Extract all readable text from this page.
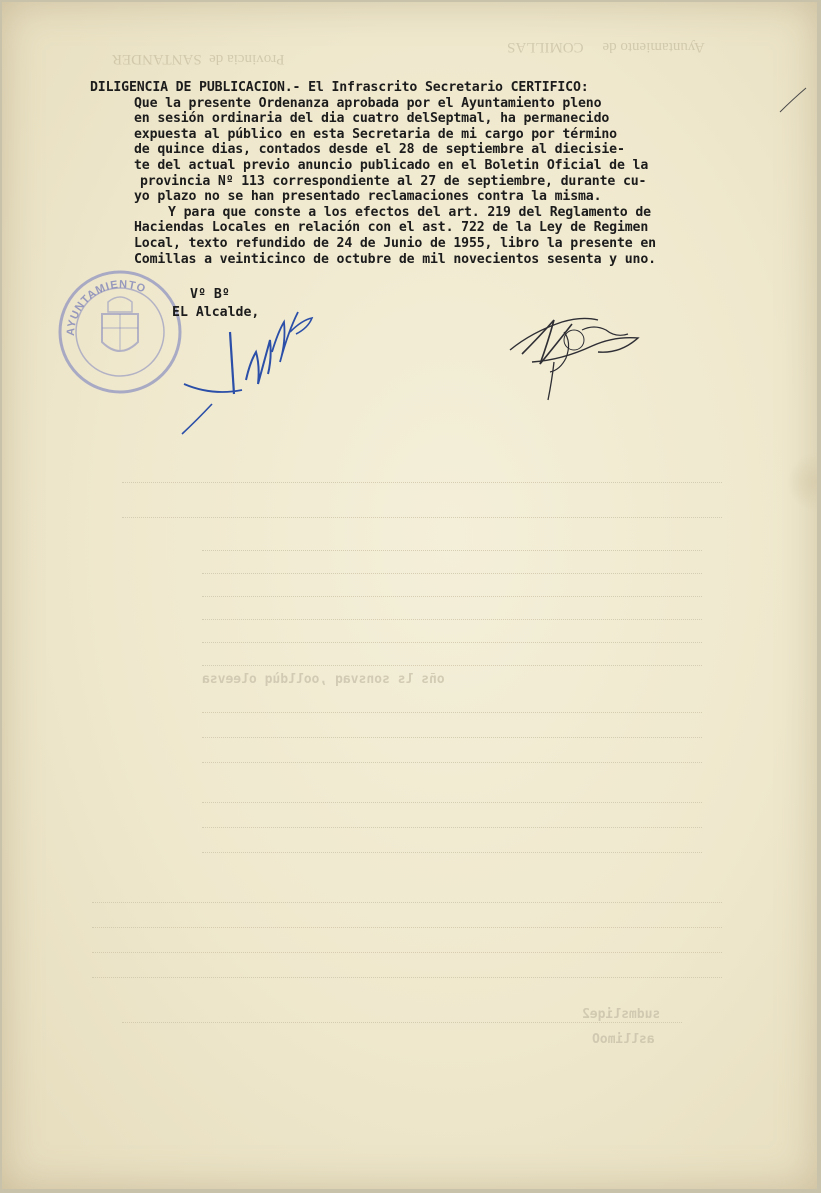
Ayuntamiento de     COMILLAS
Provincia de  SANTANDER
oñs ls sonsvaq ,oolldùq oleevsa
sudmsliqe2
asllimoO
DILIGENCIA DE PUBLICACION.- El Infrascrito Secretario CERTIFICO:
Que la presente Ordenanza aprobada por el Ayuntamiento pleno
en sesión ordinaria del dia cuatro delSeptmal, ha permanecido
expuesta al público en esta Secretaria de mi cargo por término
de quince dias, contados desde el 28 de septiembre al diecisie-
te del actual previo anuncio publicado en el Boletin Oficial de la
provincia Nº 113 correspondiente al 27 de septiembre, durante cu-
yo plazo no se han presentado reclamaciones contra la misma.
Y para que conste a los efectos del art. 219 del Reglamento de
Haciendas Locales en relación con el ast. 722 de la Ley de Regimen
Local, texto refundido de 24 de Junio de 1955, libro la presente en
Comillas a veinticinco de octubre de mil novecientos sesenta y uno.
AYUNTAMIENTO	Vº Bº
EL Alcalde,
